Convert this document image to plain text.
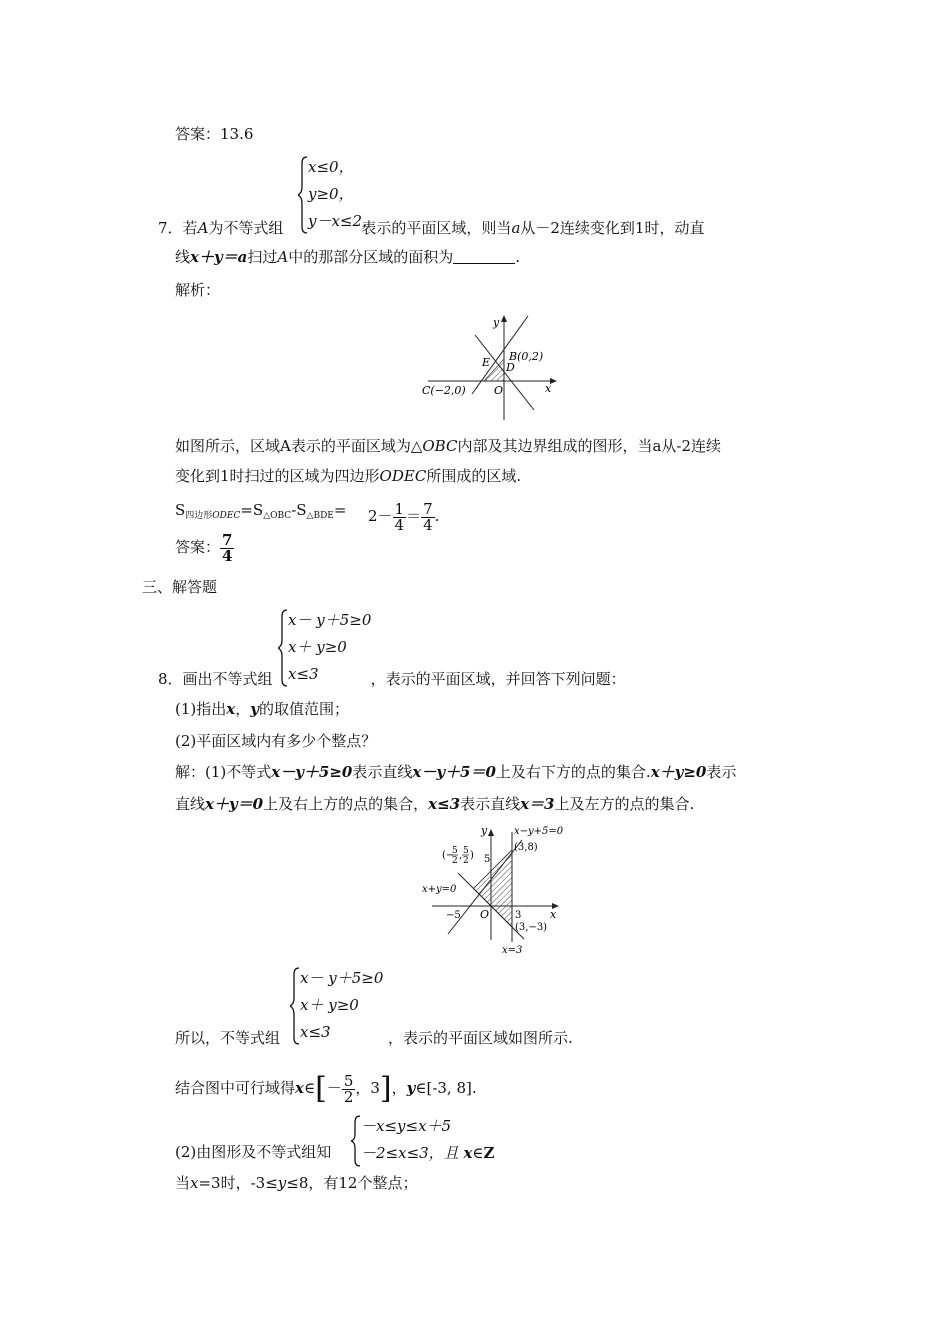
答案：13.6
x≤0，
y≥0，
y－x≤2，
7．若A为不等式组	表示的平面区域，则当a从－2连续变化到1时，动直
线x＋y＝a扫过A中的那部分区域的面积为	.
解析：
y
x
B(0,2)
E D
O
C(−2,0)
如图所示，区域A表示的平面区域为△OBC内部及其边界组成的图形，当a从-2连续
变化到1时扫过的区域为四边形ODEC所围成的区域.
$S_{四边形ODEC}=S_{\triangle OBC}-S_{\triangle BDE}= 2- \frac{1}{4} = \frac{7}{4}$ .
答案： $\frac{7}{4}$
三、解答题
x－ y＋5≥0
x＋ y≥0
x≤3
8．画出不等式组	，表示的平面区域，并回答下列问题：
(1)指出x，y的取值范围；
(2)平面区域内有多少个整点？
解：(1)不等式x－y＋5≥0表示直线x－y＋5＝0上及右下方的点的集合.x＋y≥0表示
直线x＋y＝0上及右上方的点的集合，x≤3表示直线x＝3上及左方的点的集合.
y
x
x−y+5=0
(3,8)
(−
5
2 , 5
2 ) 5
x+y=0
−5 O	3
(3,−3)
x=3
x－ y＋5≥0
x＋ y≥0
x≤3
所以，不等式组	，表示的平面区域如图所示.
结合图中可行域得x∈[－ $\frac{5}{2}$ ，3]，y∈[-3, 8].
(2)由图形及不等式组知
－x≤y≤x＋5
－2≤x≤3，且 x∈Z
当x=3时，-3≤y≤8，有12个整点；
